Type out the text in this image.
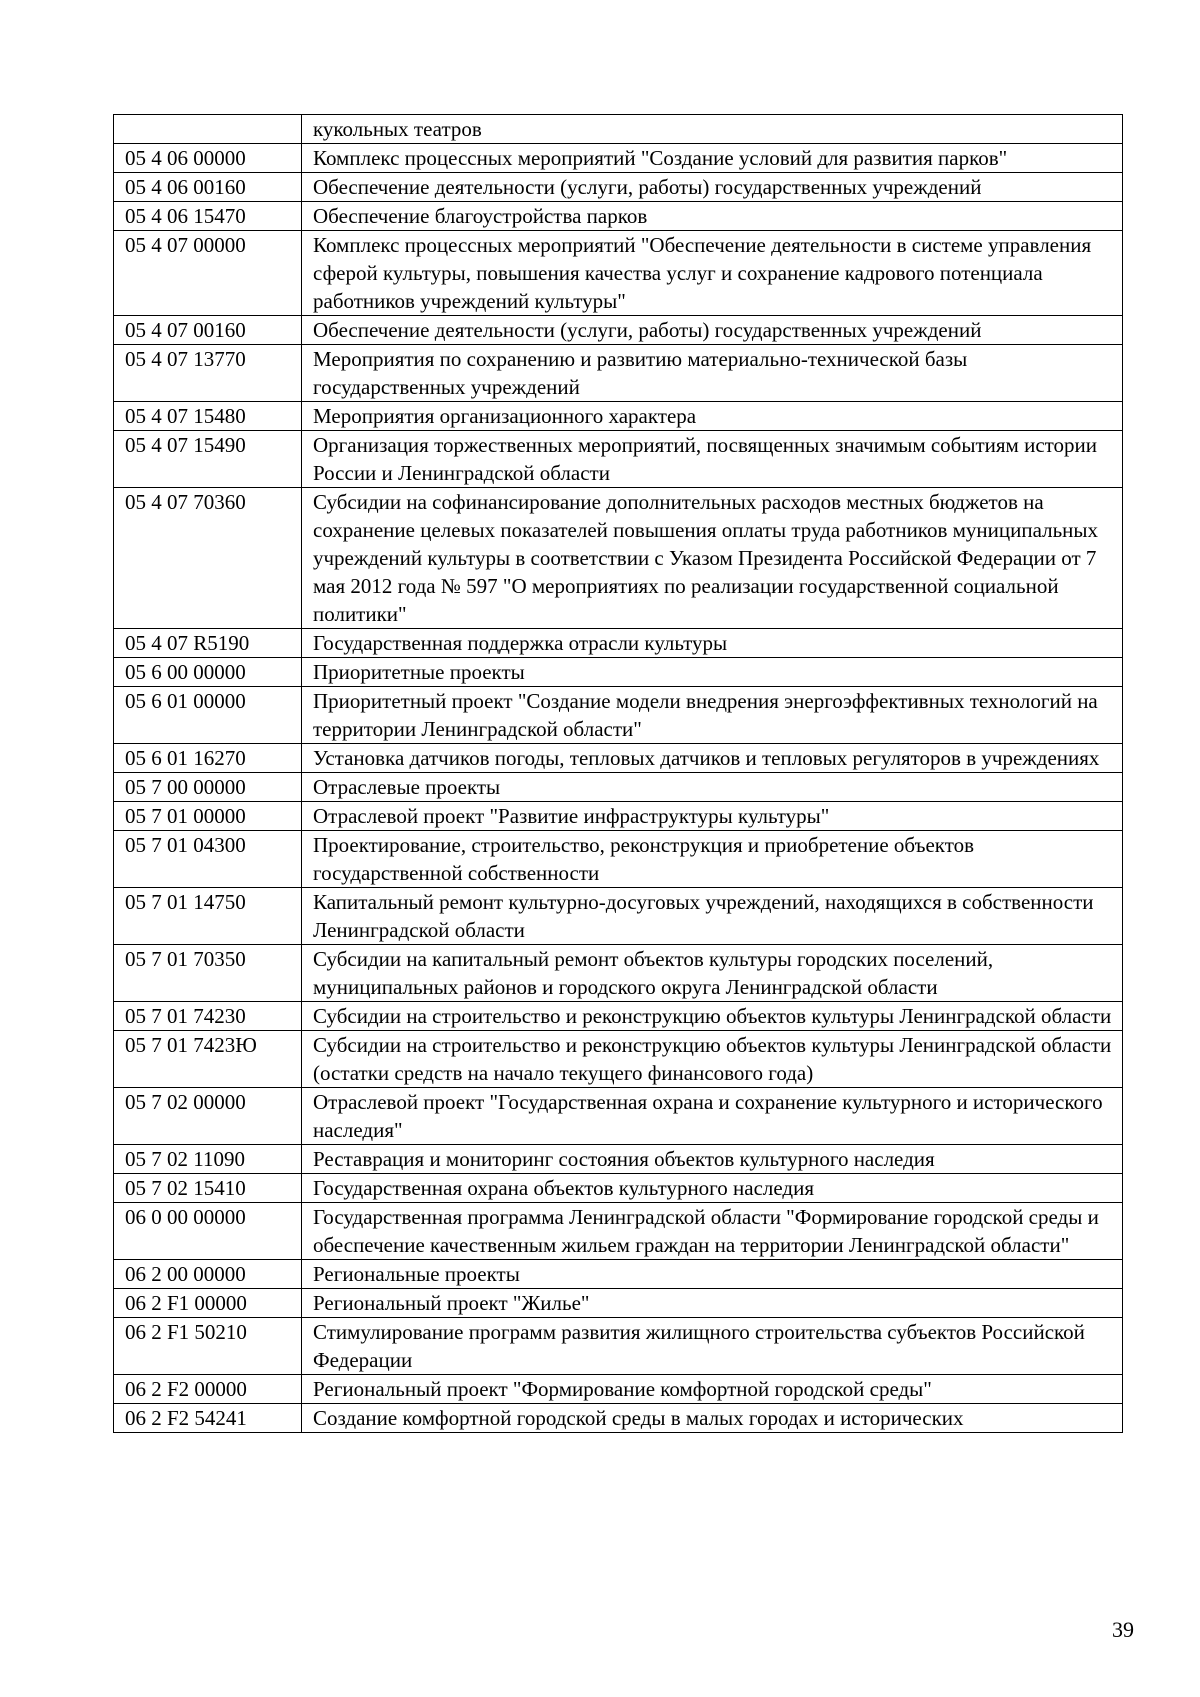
	кукольных театров
05 4 06 00000	Комплекс процессных мероприятий "Создание условий для развития парков"
05 4 06 00160	Обеспечение деятельности (услуги, работы) государственных учреждений
05 4 06 15470	Обеспечение благоустройства парков
05 4 07 00000	Комплекс процессных мероприятий "Обеспечение деятельности в системе управления сферой культуры, повышения качества услуг и сохранение кадрового потенциала работников учреждений культуры"
05 4 07 00160	Обеспечение деятельности (услуги, работы) государственных учреждений
05 4 07 13770	Мероприятия по сохранению и развитию материально-технической базы государственных учреждений
05 4 07 15480	Мероприятия организационного характера
05 4 07 15490	Организация торжественных мероприятий, посвященных значимым событиям истории России и Ленинградской области
05 4 07 70360	Субсидии на софинансирование дополнительных расходов местных бюджетов на сохранение целевых показателей повышения оплаты труда работников муниципальных учреждений культуры в соответствии с Указом Президента Российской Федерации от 7 мая 2012 года № 597 "О мероприятиях по реализации государственной социальной политики"
05 4 07 R5190	Государственная поддержка отрасли культуры
05 6 00 00000	Приоритетные проекты
05 6 01 00000	Приоритетный проект "Создание модели внедрения энергоэффективных технологий на территории Ленинградской области"
05 6 01 16270	Установка датчиков погоды, тепловых датчиков и тепловых регуляторов в учреждениях
05 7 00 00000	Отраслевые проекты
05 7 01 00000	Отраслевой проект "Развитие инфраструктуры культуры"
05 7 01 04300	Проектирование, строительство, реконструкция и приобретение объектов государственной собственности
05 7 01 14750	Капитальный ремонт культурно-досуговых учреждений, находящихся в собственности Ленинградской области
05 7 01 70350	Субсидии на капитальный ремонт объектов культуры городских поселений, муниципальных районов и городского округа Ленинградской области
05 7 01 74230	Субсидии на строительство и реконструкцию объектов культуры Ленинградской области
05 7 01 7423Ю	Субсидии на строительство и реконструкцию объектов культуры Ленинградской области (остатки средств на начало текущего финансового года)
05 7 02 00000	Отраслевой проект "Государственная охрана и сохранение культурного и исторического наследия"
05 7 02 11090	Реставрация и мониторинг состояния объектов культурного наследия
05 7 02 15410	Государственная охрана объектов культурного наследия
06 0 00 00000	Государственная программа Ленинградской области "Формирование городской среды и обеспечение качественным жильем граждан на территории Ленинградской области"
06 2 00 00000	Региональные проекты
06 2 F1 00000	Региональный проект "Жилье"
06 2 F1 50210	Стимулирование программ развития жилищного строительства субъектов Российской Федерации
06 2 F2 00000	Региональный проект "Формирование комфортной городской среды"
06 2 F2 54241	Создание комфортной городской среды в малых городах и исторических
39
